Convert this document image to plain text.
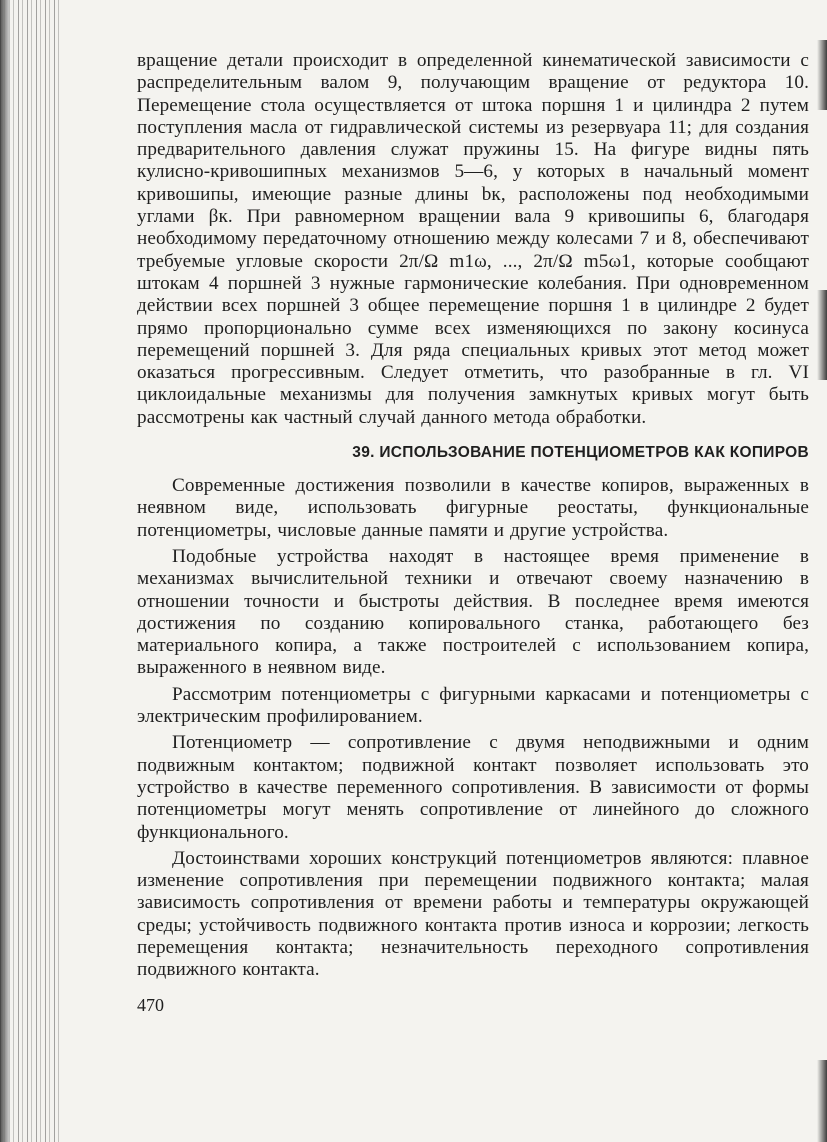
вращение детали происходит в определенной кинематической зависимости с распределительным валом 9, получающим вращение от редуктора 10. Перемещение стола осуществляется от штока поршня 1 и цилиндра 2 путем поступления масла от гидравлической системы из резервуара 11; для создания предварительного давления служат пружины 15. На фигуре видны пять кулисно-кривошипных механизмов 5—6, у которых в начальный момент кривошипы, имеющие разные длины bк, расположены под необходимыми углами βк. При равномерном вращении вала 9 кривошипы 6, благодаря необходимому передаточному отношению между колесами 7 и 8, обеспечивают требуемые угловые скорости 2π/Ω m1ω, ..., 2π/Ω m5ω1, которые сообщают штокам 4 поршней 3 нужные гармонические колебания. При одновременном действии всех поршней 3 общее перемещение поршня 1 в цилиндре 2 будет прямо пропорционально сумме всех изменяющихся по закону косинуса перемещений поршней 3. Для ряда специальных кривых этот метод может оказаться прогрессивным. Следует отметить, что разобранные в гл. VI циклоидальные механизмы для получения замкнутых кривых могут быть рассмотрены как частный случай данного метода обработки.

39. ИСПОЛЬЗОВАНИЕ ПОТЕНЦИОМЕТРОВ КАК КОПИРОВ

Современные достижения позволили в качестве копиров, выраженных в неявном виде, использовать фигурные реостаты, функциональные потенциометры, числовые данные памяти и другие устройства.

Подобные устройства находят в настоящее время применение в механизмах вычислительной техники и отвечают своему назначению в отношении точности и быстроты действия. В последнее время имеются достижения по созданию копировального станка, работающего без материального копира, а также построителей с использованием копира, выраженного в неявном виде.

Рассмотрим потенциометры с фигурными каркасами и потенциометры с электрическим профилированием.

Потенциометр — сопротивление с двумя неподвижными и одним подвижным контактом; подвижной контакт позволяет использовать это устройство в качестве переменного сопротивления. В зависимости от формы потенциометры могут менять сопротивление от линейного до сложного функционального.

Достоинствами хороших конструкций потенциометров являются: плавное изменение сопротивления при перемещении подвижного контакта; малая зависимость сопротивления от времени работы и температуры окружающей среды; устойчивость подвижного контакта против износа и коррозии; легкость перемещения контакта; незначительность переходного сопротивления подвижного контакта.

470
